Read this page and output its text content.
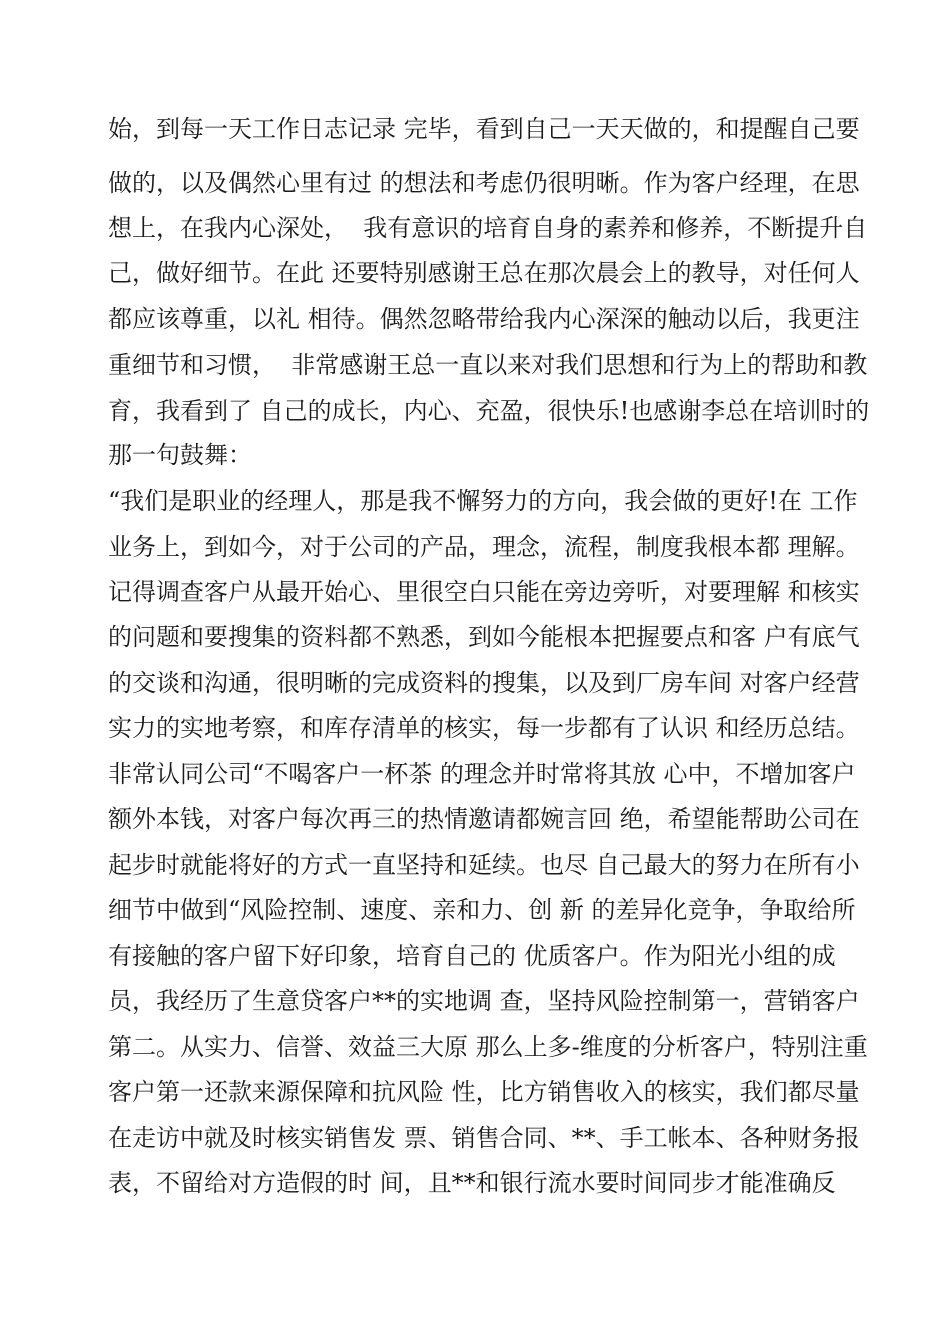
始，到每一天工作日志记录 完毕，看到自己一天天做的，和提醒自己要
做的，以及偶然心里有过 的想法和考虑仍很明晰。作为客户经理，在思
想上，在我内心深处，  我有意识的培育自身的素养和修养，不断提升自
己，做好细节。在此 还要特别感谢王总在那次晨会上的教导，对任何人
都应该尊重，以礼 相待。偶然忽略带给我内心深深的触动以后，我更注
重细节和习惯，  非常感谢王总一直以来对我们思想和行为上的帮助和教
育，我看到了 自己的成长，内心、充盈，很快乐!也感谢李总在培训时的
那一句鼓舞：
“我们是职业的经理人，那是我不懈努力的方向，我会做的更好!在 工作
业务上，到如今，对于公司的产品，理念，流程，制度我根本都 理解。
记得调查客户从最开始心、里很空白只能在旁边旁听，对要理解 和核实
的问题和要搜集的资料都不熟悉，到如今能根本把握要点和客 户有底气
的交谈和沟通，很明晰的完成资料的搜集，以及到厂房车间 对客户经营
实力的实地考察，和库存清单的核实，每一步都有了认识 和经历总结。
非常认同公司“不喝客户一杯茶 的理念并时常将其放 心中，不增加客户
额外本钱，对客户每次再三的热情邀请都婉言回 绝，希望能帮助公司在
起步时就能将好的方式一直坚持和延续。也尽 自己最大的努力在所有小
细节中做到“风险控制、速度、亲和力、创 新 的差异化竞争，争取给所
有接触的客户留下好印象，培育自己的 优质客户。作为阳光小组的成
员，我经历了生意贷客户**的实地调 查，坚持风险控制第一，营销客户
第二。从实力、信誉、效益三大原 那么上多-维度的分析客户，特别注重
客户第一还款来源保障和抗风险 性，比方销售收入的核实，我们都尽量
在走访中就及时核实销售发 票、销售合同、**、手工帐本、各种财务报
表，不留给对方造假的时 间，且**和银行流水要时间同步才能准确反
